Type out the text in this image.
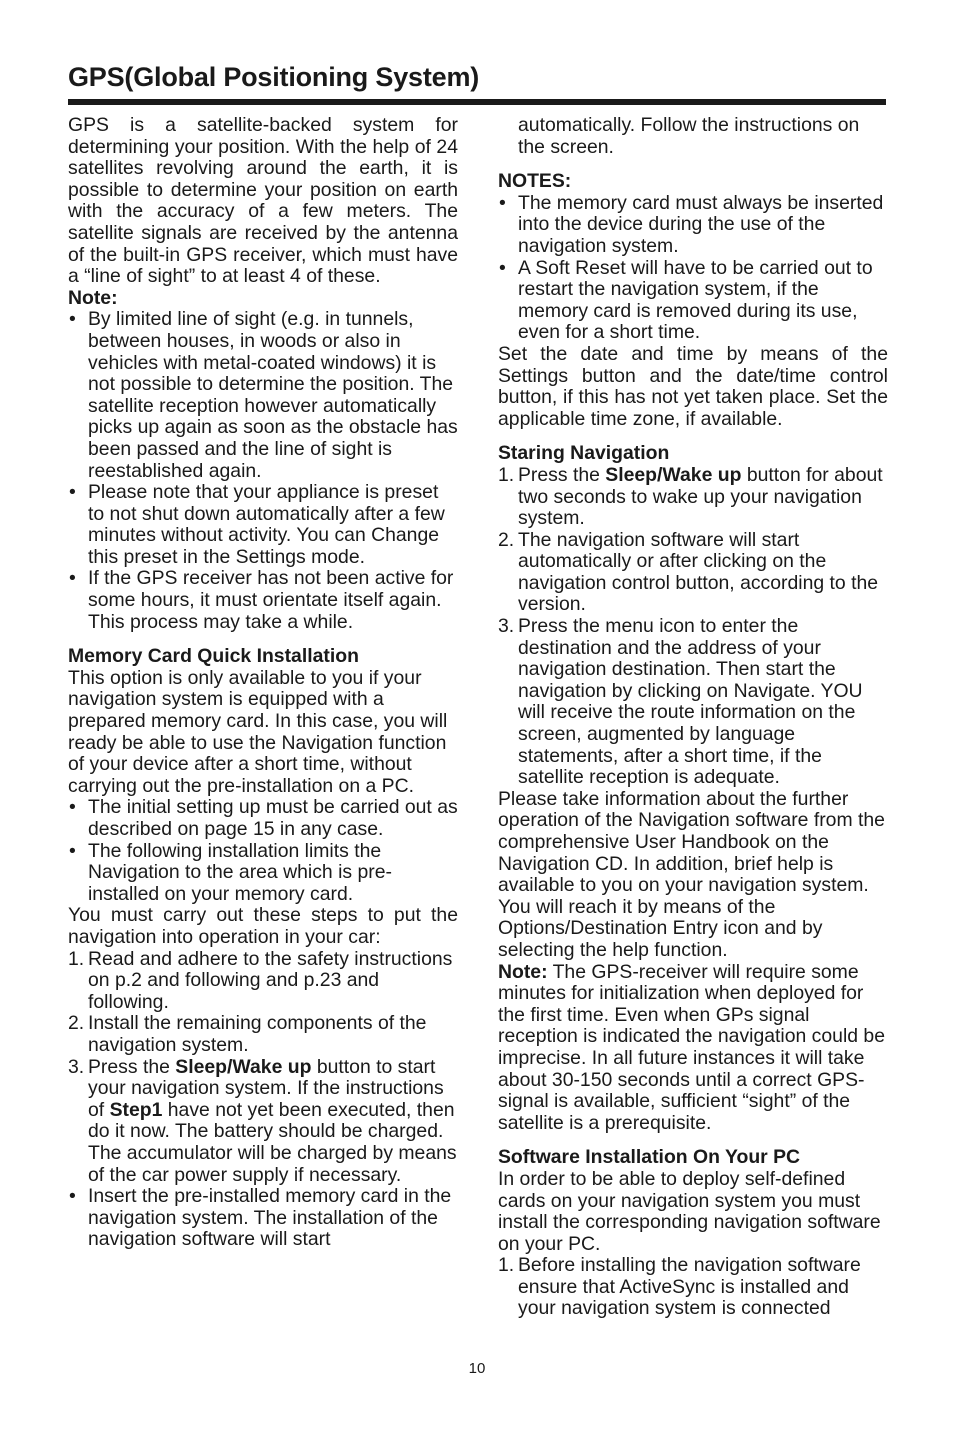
GPS(Global Positioning System)

GPS is a satellite-backed system for determining your position. With the help of 24 satellites revolving around the earth, it is possible to determine your position on earth with the accuracy of a few meters. The satellite signals are received by the antenna of the built-in GPS receiver, which must have a “line of sight” to at least 4 of these.

Note:

• By limited line of sight (e.g. in tunnels, between houses, in woods or also in vehicles with metal-coated windows) it is not possible to determine the position. The satellite reception however automatically picks up again as soon as the obstacle has been passed and the line of sight is reestablished again.
• Please note that your appliance is preset to not shut down automatically after a few minutes without activity. You can Change this preset in the Settings mode.
• If the GPS receiver has not been active for some hours, it must orientate itself again. This process may take a while.

Memory Card Quick Installation

This option is only available to you if your navigation system is equipped with a prepared memory card. In this case, you will ready be able to use the Navigation function of your device after a short time, without carrying out the pre-installation on a PC.

• The initial setting up must be carried out as described on page 15 in any case.
• The following installation limits the Navigation to the area which is pre-installed on your memory card.

You must carry out these steps to put the navigation into operation in your car:

1. Read and adhere to the safety instructions on p.2 and following and p.23 and following.
2. Install the remaining components of the navigation system.
3. Press the Sleep/Wake up button to start your navigation system. If the instructions of Step1 have not yet been executed, then do it now. The battery should be charged. The accumulator will be charged by means of the car power supply if necessary.
• Insert the pre-installed memory card in the navigation system. The installation of the navigation software will start

automatically. Follow the instructions on the screen.

NOTES:

• The memory card must always be inserted into the device during the use of the navigation system.
• A Soft Reset will have to be carried out to restart the navigation system, if the memory card is removed during its use, even for a short time.

Set the date and time by means of the Settings button and the date/time control button, if this has not yet taken place. Set the applicable time zone, if available.

Staring Navigation

1. Press the Sleep/Wake up button for about two seconds to wake up your navigation system.
2. The navigation software will start automatically or after clicking on the navigation control button, according to the version.
3. Press the menu icon to enter the destination and the address of your navigation destination. Then start the navigation by clicking on Navigate. YOU will receive the route information on the screen, augmented by language statements, after a short time, if the satellite reception is adequate.

Please take information about the further operation of the Navigation software from the comprehensive User Handbook on the Navigation CD. In addition, brief help is available to you on your navigation system. You will reach it by means of the Options/Destination Entry icon and by selecting the help function.

Note: The GPS-receiver will require some minutes for initialization when deployed for the first time. Even when GPs signal reception is indicated the navigation could be imprecise. In all future instances it will take about 30-150 seconds until a correct GPS-signal is available, sufficient “sight” of the satellite is a prerequisite.

Software Installation On Your PC

In order to be able to deploy self-defined cards on your navigation system you must install the corresponding navigation software on your PC.

1. Before installing the navigation software ensure that ActiveSync is installed and your navigation system is connected
10
